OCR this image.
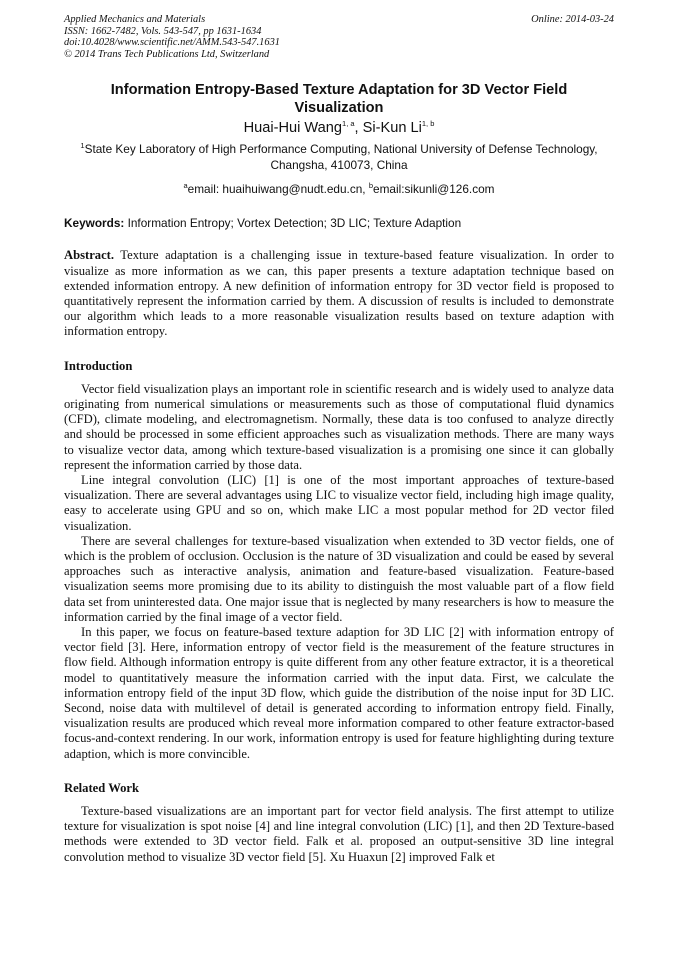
Applied Mechanics and Materials
ISSN: 1662-7482, Vols. 543-547, pp 1631-1634
doi:10.4028/www.scientific.net/AMM.543-547.1631
© 2014 Trans Tech Publications Ltd, Switzerland
Online: 2014-03-24
Information Entropy-Based Texture Adaptation for 3D Vector Field Visualization
Huai-Hui Wang$^{1, a}$, Si-Kun Li$^{1, b}$
$^1$State Key Laboratory of High Performance Computing, National University of Defense Technology, Changsha, 410073, China
$^a$email: huaihuiwang@nudt.edu.cn, $^b$email:sikunli@126.com
Keywords: Information Entropy; Vortex Detection; 3D LIC; Texture Adaption
Abstract. Texture adaptation is a challenging issue in texture-based feature visualization. In order to visualize as more information as we can, this paper presents a texture adaptation technique based on extended information entropy. A new definition of information entropy for 3D vector field is proposed to quantitatively represent the information carried by them. A discussion of results is included to demonstrate our algorithm which leads to a more reasonable visualization results based on texture adaption with information entropy.
Introduction
Vector field visualization plays an important role in scientific research and is widely used to analyze data originating from numerical simulations or measurements such as those of computational fluid dynamics (CFD), climate modeling, and electromagnetism. Normally, these data is too confused to analyze directly and should be processed in some efficient approaches such as visualization methods. There are many ways to visualize vector data, among which texture-based visualization is a promising one since it can globally represent the information carried by those data.
Line integral convolution (LIC) [1] is one of the most important approaches of texture-based visualization. There are several advantages using LIC to visualize vector field, including high image quality, easy to accelerate using GPU and so on, which make LIC a most popular method for 2D vector filed visualization.
There are several challenges for texture-based visualization when extended to 3D vector fields, one of which is the problem of occlusion. Occlusion is the nature of 3D visualization and could be eased by several approaches such as interactive analysis, animation and feature-based visualization. Feature-based visualization seems more promising due to its ability to distinguish the most valuable part of a flow field data set from uninterested data. One major issue that is neglected by many researchers is how to measure the information carried by the final image of a vector field.
In this paper, we focus on feature-based texture adaption for 3D LIC [2] with information entropy of vector field [3]. Here, information entropy of vector field is the measurement of the feature structures in flow field. Although information entropy is quite different from any other feature extractor, it is a theoretical model to quantitatively measure the information carried with the input data. First, we calculate the information entropy field of the input 3D flow, which guide the distribution of the noise input for 3D LIC. Second, noise data with multilevel of detail is generated according to information entropy field. Finally, visualization results are produced which reveal more information compared to other feature extractor-based focus-and-context rendering. In our work, information entropy is used for feature highlighting during texture adaption, which is more convincible.
Related Work
Texture-based visualizations are an important part for vector field analysis. The first attempt to utilize texture for visualization is spot noise [4] and line integral convolution (LIC) [1], and then 2D Texture-based methods were extended to 3D vector field. Falk et al. proposed an output-sensitive 3D line integral convolution method to visualize 3D vector field [5]. Xu Huaxun [2] improved Falk et
